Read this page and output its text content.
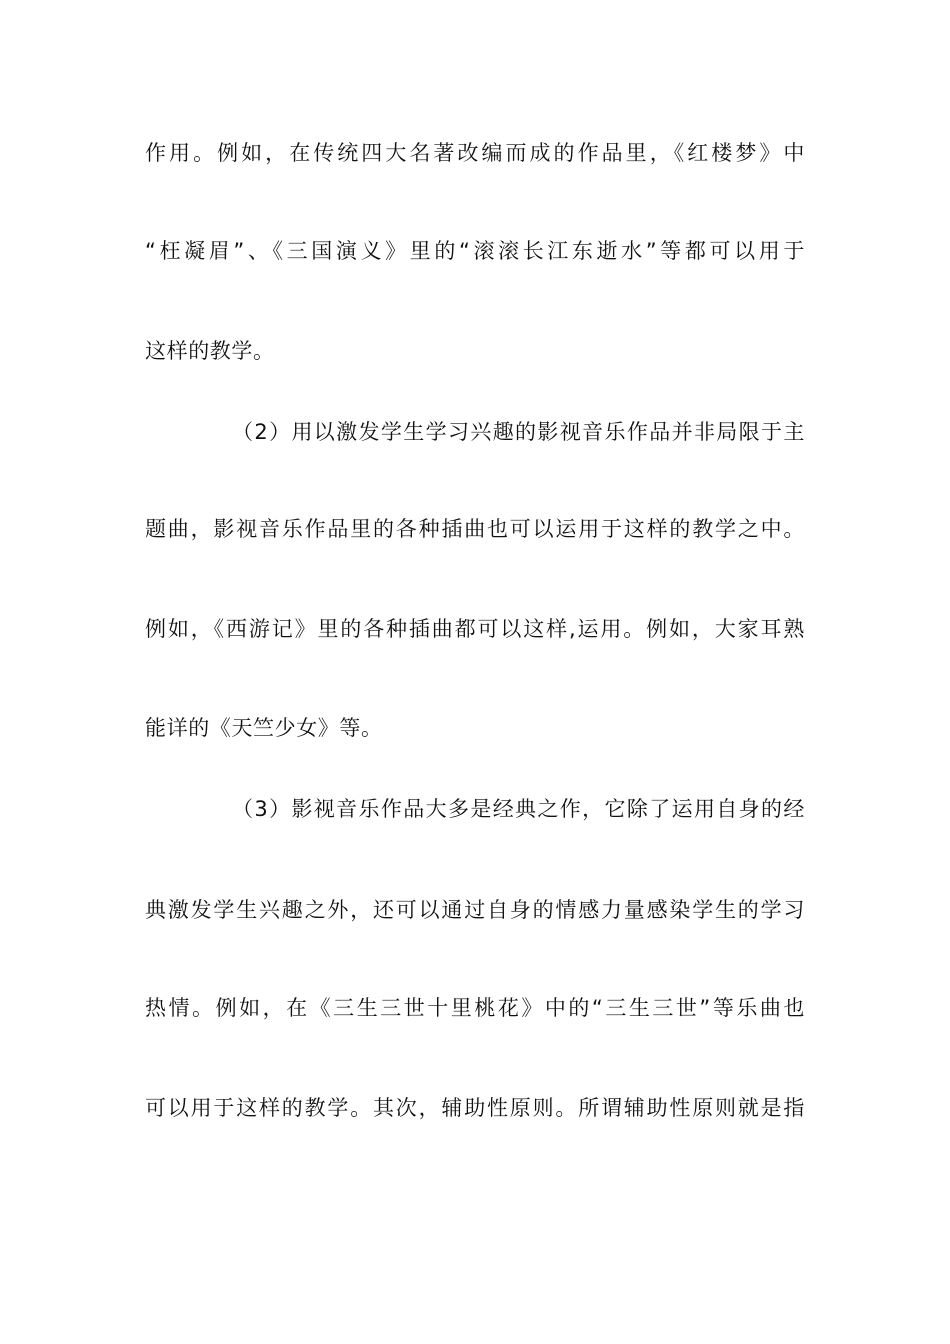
作用。例如，在传统四大名著改编而成的作品里，《红楼梦》中
“枉凝眉”、《三国演义》里的“滚滚长江东逝水”等都可以用于
这样的教学。
（2）用以激发学生学习兴趣的影视音乐作品并非局限于主
题曲，影视音乐作品里的各种插曲也可以运用于这样的教学之中。
例如，《西游记》里的各种插曲都可以这样,运用。例如，大家耳熟
能详的《天竺少女》等。
（3）影视音乐作品大多是经典之作，它除了运用自身的经
典激发学生兴趣之外，还可以通过自身的情感力量感染学生的学习
热情。例如，在《三生三世十里桃花》中的“三生三世”等乐曲也
可以用于这样的教学。其次，辅助性原则。所谓辅助性原则就是指
